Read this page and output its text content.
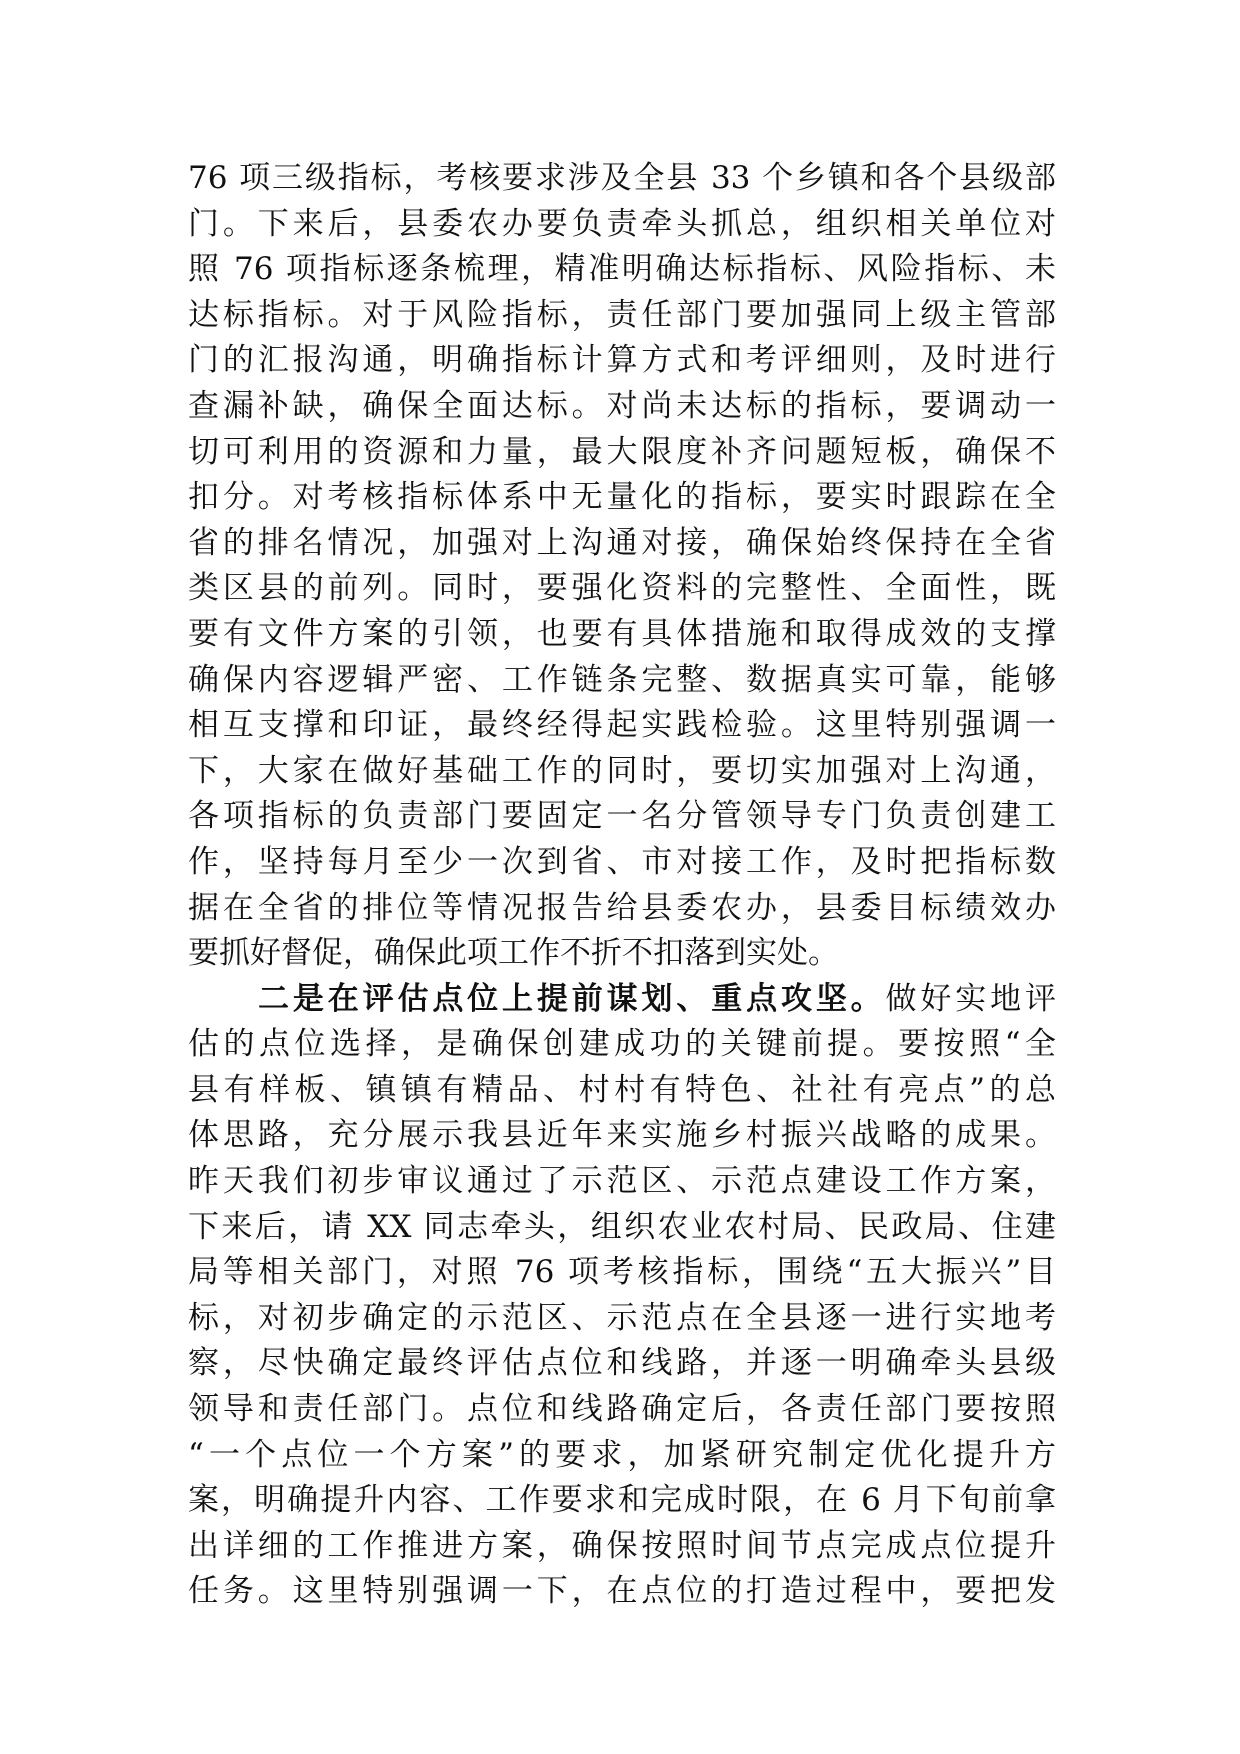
76 项三级指标，考核要求涉及全县 33 个乡镇和各个县级部
门。下来后，县委农办要负责牵头抓总，组织相关单位对
照 76 项指标逐条梳理，精准明确达标指标、风险指标、未
达标指标。对于风险指标，责任部门要加强同上级主管部
门的汇报沟通，明确指标计算方式和考评细则，及时进行
查漏补缺，确保全面达标。对尚未达标的指标，要调动一
切可利用的资源和力量，最大限度补齐问题短板，确保不
扣分。对考核指标体系中无量化的指标，要实时跟踪在全
省的排名情况，加强对上沟通对接，确保始终保持在全省
类区县的前列。同时，要强化资料的完整性、全面性，既
要有文件方案的引领，也要有具体措施和取得成效的支撑
确保内容逻辑严密、工作链条完整、数据真实可靠，能够
相互支撑和印证，最终经得起实践检验。这里特别强调一
下，大家在做好基础工作的同时，要切实加强对上沟通，
各项指标的负责部门要固定一名分管领导专门负责创建工
作，坚持每月至少一次到省、市对接工作，及时把指标数
据在全省的排位等情况报告给县委农办，县委目标绩效办
要抓好督促，确保此项工作不折不扣落到实处。
二是在评估点位上提前谋划、重点攻坚。做好实地评
估的点位选择，是确保创建成功的关键前提。要按照“全
县有样板、镇镇有精品、村村有特色、社社有亮点”的总
体思路，充分展示我县近年来实施乡村振兴战略的成果。
昨天我们初步审议通过了示范区、示范点建设工作方案，
下来后，请 XX 同志牵头，组织农业农村局、民政局、住建
局等相关部门，对照 76 项考核指标，围绕“五大振兴”目
标，对初步确定的示范区、示范点在全县逐一进行实地考
察，尽快确定最终评估点位和线路，并逐一明确牵头县级
领导和责任部门。点位和线路确定后，各责任部门要按照
“一个点位一个方案”的要求，加紧研究制定优化提升方
案，明确提升内容、工作要求和完成时限，在 6 月下旬前拿
出详细的工作推进方案，确保按照时间节点完成点位提升
任务。这里特别强调一下，在点位的打造过程中，要把发
